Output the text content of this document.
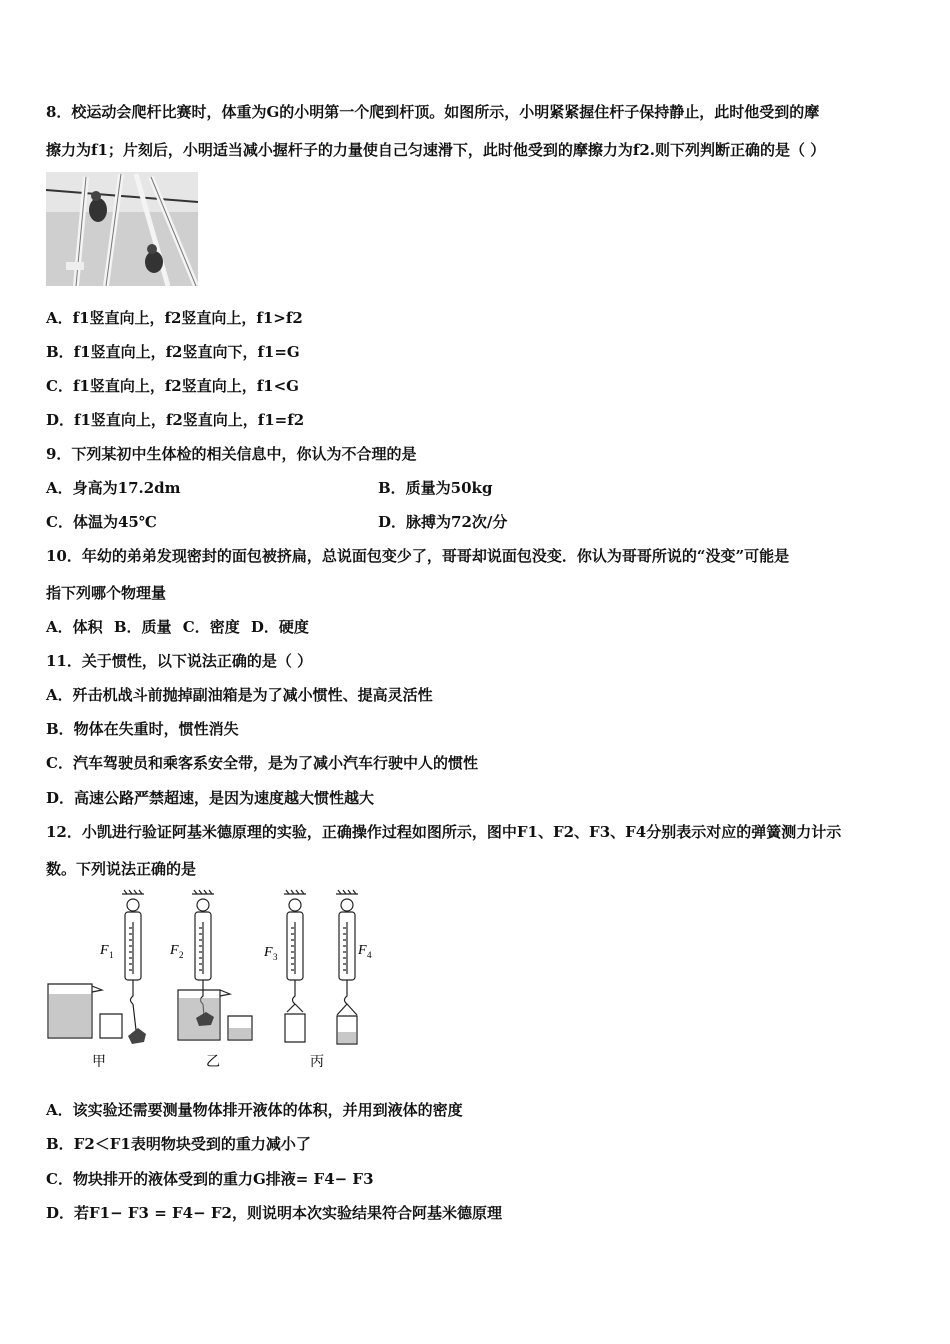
8．校运动会爬杆比赛时，体重为G的小明第一个爬到杆顶。如图所示，小明紧紧握住杆子保持静止，此时他受到的摩
擦力为f1；片刻后，小明适当减小握杆子的力量使自己匀速滑下，此时他受到的摩擦力为f2.则下列判断正确的是（ ）
A．f1竖直向上，f2竖直向上，f1>f2
B．f1竖直向上，f2竖直向下，f1=G
C．f1竖直向上，f2竖直向上，f1<G
D．f1竖直向上，f2竖直向上，f1=f2
9．下列某初中生体检的相关信息中，你认为不合理的是
A．身高为17.2dm	B．质量为50kg
C．体温为45℃	D．脉搏为72次/分
10．年幼的弟弟发现密封的面包被挤扁，总说面包变少了，哥哥却说面包没变．你认为哥哥所说的“没变”可能是
指下列哪个物理量
A．体积 B．质量 C．密度 D．硬度
11．关于惯性，以下说法正确的是（ ）
A．歼击机战斗前抛掉副油箱是为了减小惯性、提高灵活性
B．物体在失重时，惯性消失
C．汽车驾驶员和乘客系安全带，是为了减小汽车行驶中人的惯性
D．高速公路严禁超速，是因为速度越大惯性越大
12．小凯进行验证阿基米德原理的实验，正确操作过程如图所示，图中F1、F2、F3、F4分别表示对应的弹簧测力计示
数。下列说法正确的是
F 1	F 2	F 3	F 4
甲	乙	丙
A．该实验还需要测量物体排开液体的体积，并用到液体的密度
B．F2＜F1表明物块受到的重力减小了
C．物块排开的液体受到的重力G排液= F4− F3
D．若F1− F3 = F4− F2，则说明本次实验结果符合阿基米德原理
